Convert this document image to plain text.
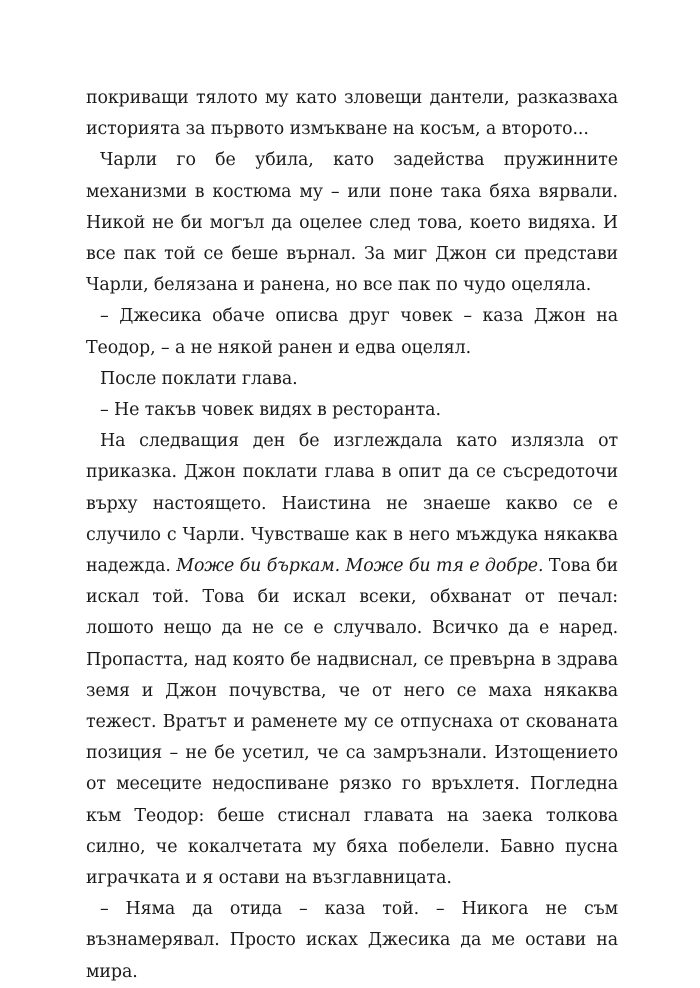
покриващи тялото му като зловещи дантели, разказваха историята за първото измъкване на косъм, а второто...

Чарли го бе убила, като задейства пружинните механизми в костюма му – или поне така бяха вярвали. Никой не би могъл да оцелее след това, което видяха. И все пак той се беше върнал. За миг Джон си представи Чарли, белязана и ранена, но все пак по чудо оцеляла.

– Джесика обаче описва друг човек – каза Джон на Теодор, – а не някой ранен и едва оцелял.

После поклати глава.

– Не такъв човек видях в ресторанта.

На следващия ден бе изглеждала като излязла от приказка. Джон поклати глава в опит да се съсредоточи върху настоящето. Наистина не знаеше какво се е случило с Чарли. Чувстваше как в него мъждука някаква надежда. Може би бъркам. Може би тя е добре. Това би искал той. Това би искал всеки, обхванат от печал: лошото нещо да не се е случвало. Всичко да е наред. Пропастта, над която бе надвиснал, се превърна в здрава земя и Джон почувства, че от него се маха някаква тежест. Вратът и раменете му се отпуснаха от скованата позиция – не бе усетил, че са замръзнали. Изтощението от месеците недоспиване рязко го връхлетя. Погледна към Теодор: беше стиснал главата на заека толкова силно, че кокалчетата му бяха побелели. Бавно пусна играчката и я остави на възглавницата.

– Няма да отида – каза той. – Никога не съм възнамерявал. Просто исках Джесика да ме остави на мира.
